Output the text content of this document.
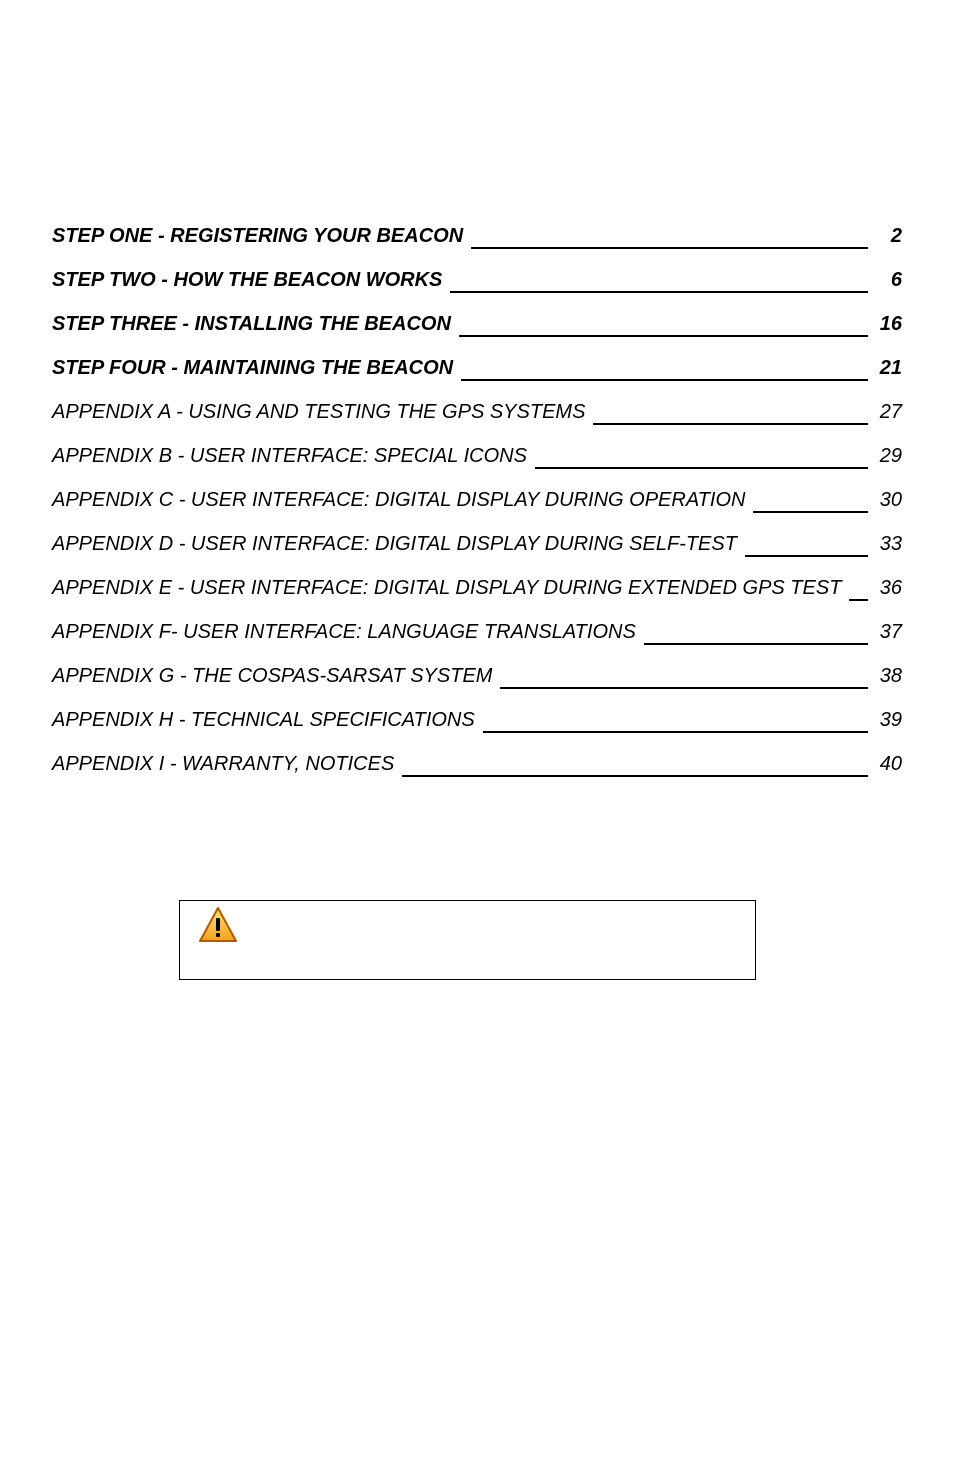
STEP ONE - REGISTERING YOUR BEACON	2
STEP TWO - HOW THE BEACON WORKS	6
STEP THREE - INSTALLING THE BEACON	16
STEP FOUR - MAINTAINING THE BEACON	21
APPENDIX A - USING AND TESTING THE GPS SYSTEMS	27
APPENDIX B - USER INTERFACE: SPECIAL ICONS	29
APPENDIX C - USER INTERFACE: DIGITAL DISPLAY DURING OPERATION	30
APPENDIX D - USER INTERFACE: DIGITAL DISPLAY DURING SELF-TEST	33
APPENDIX E - USER INTERFACE: DIGITAL DISPLAY DURING EXTENDED GPS TEST 36
APPENDIX F- USER INTERFACE: LANGUAGE TRANSLATIONS	37
APPENDIX G - THE COSPAS-SARSAT SYSTEM	38
APPENDIX H - TECHNICAL SPECIFICATIONS	39
APPENDIX I - WARRANTY, NOTICES	40
